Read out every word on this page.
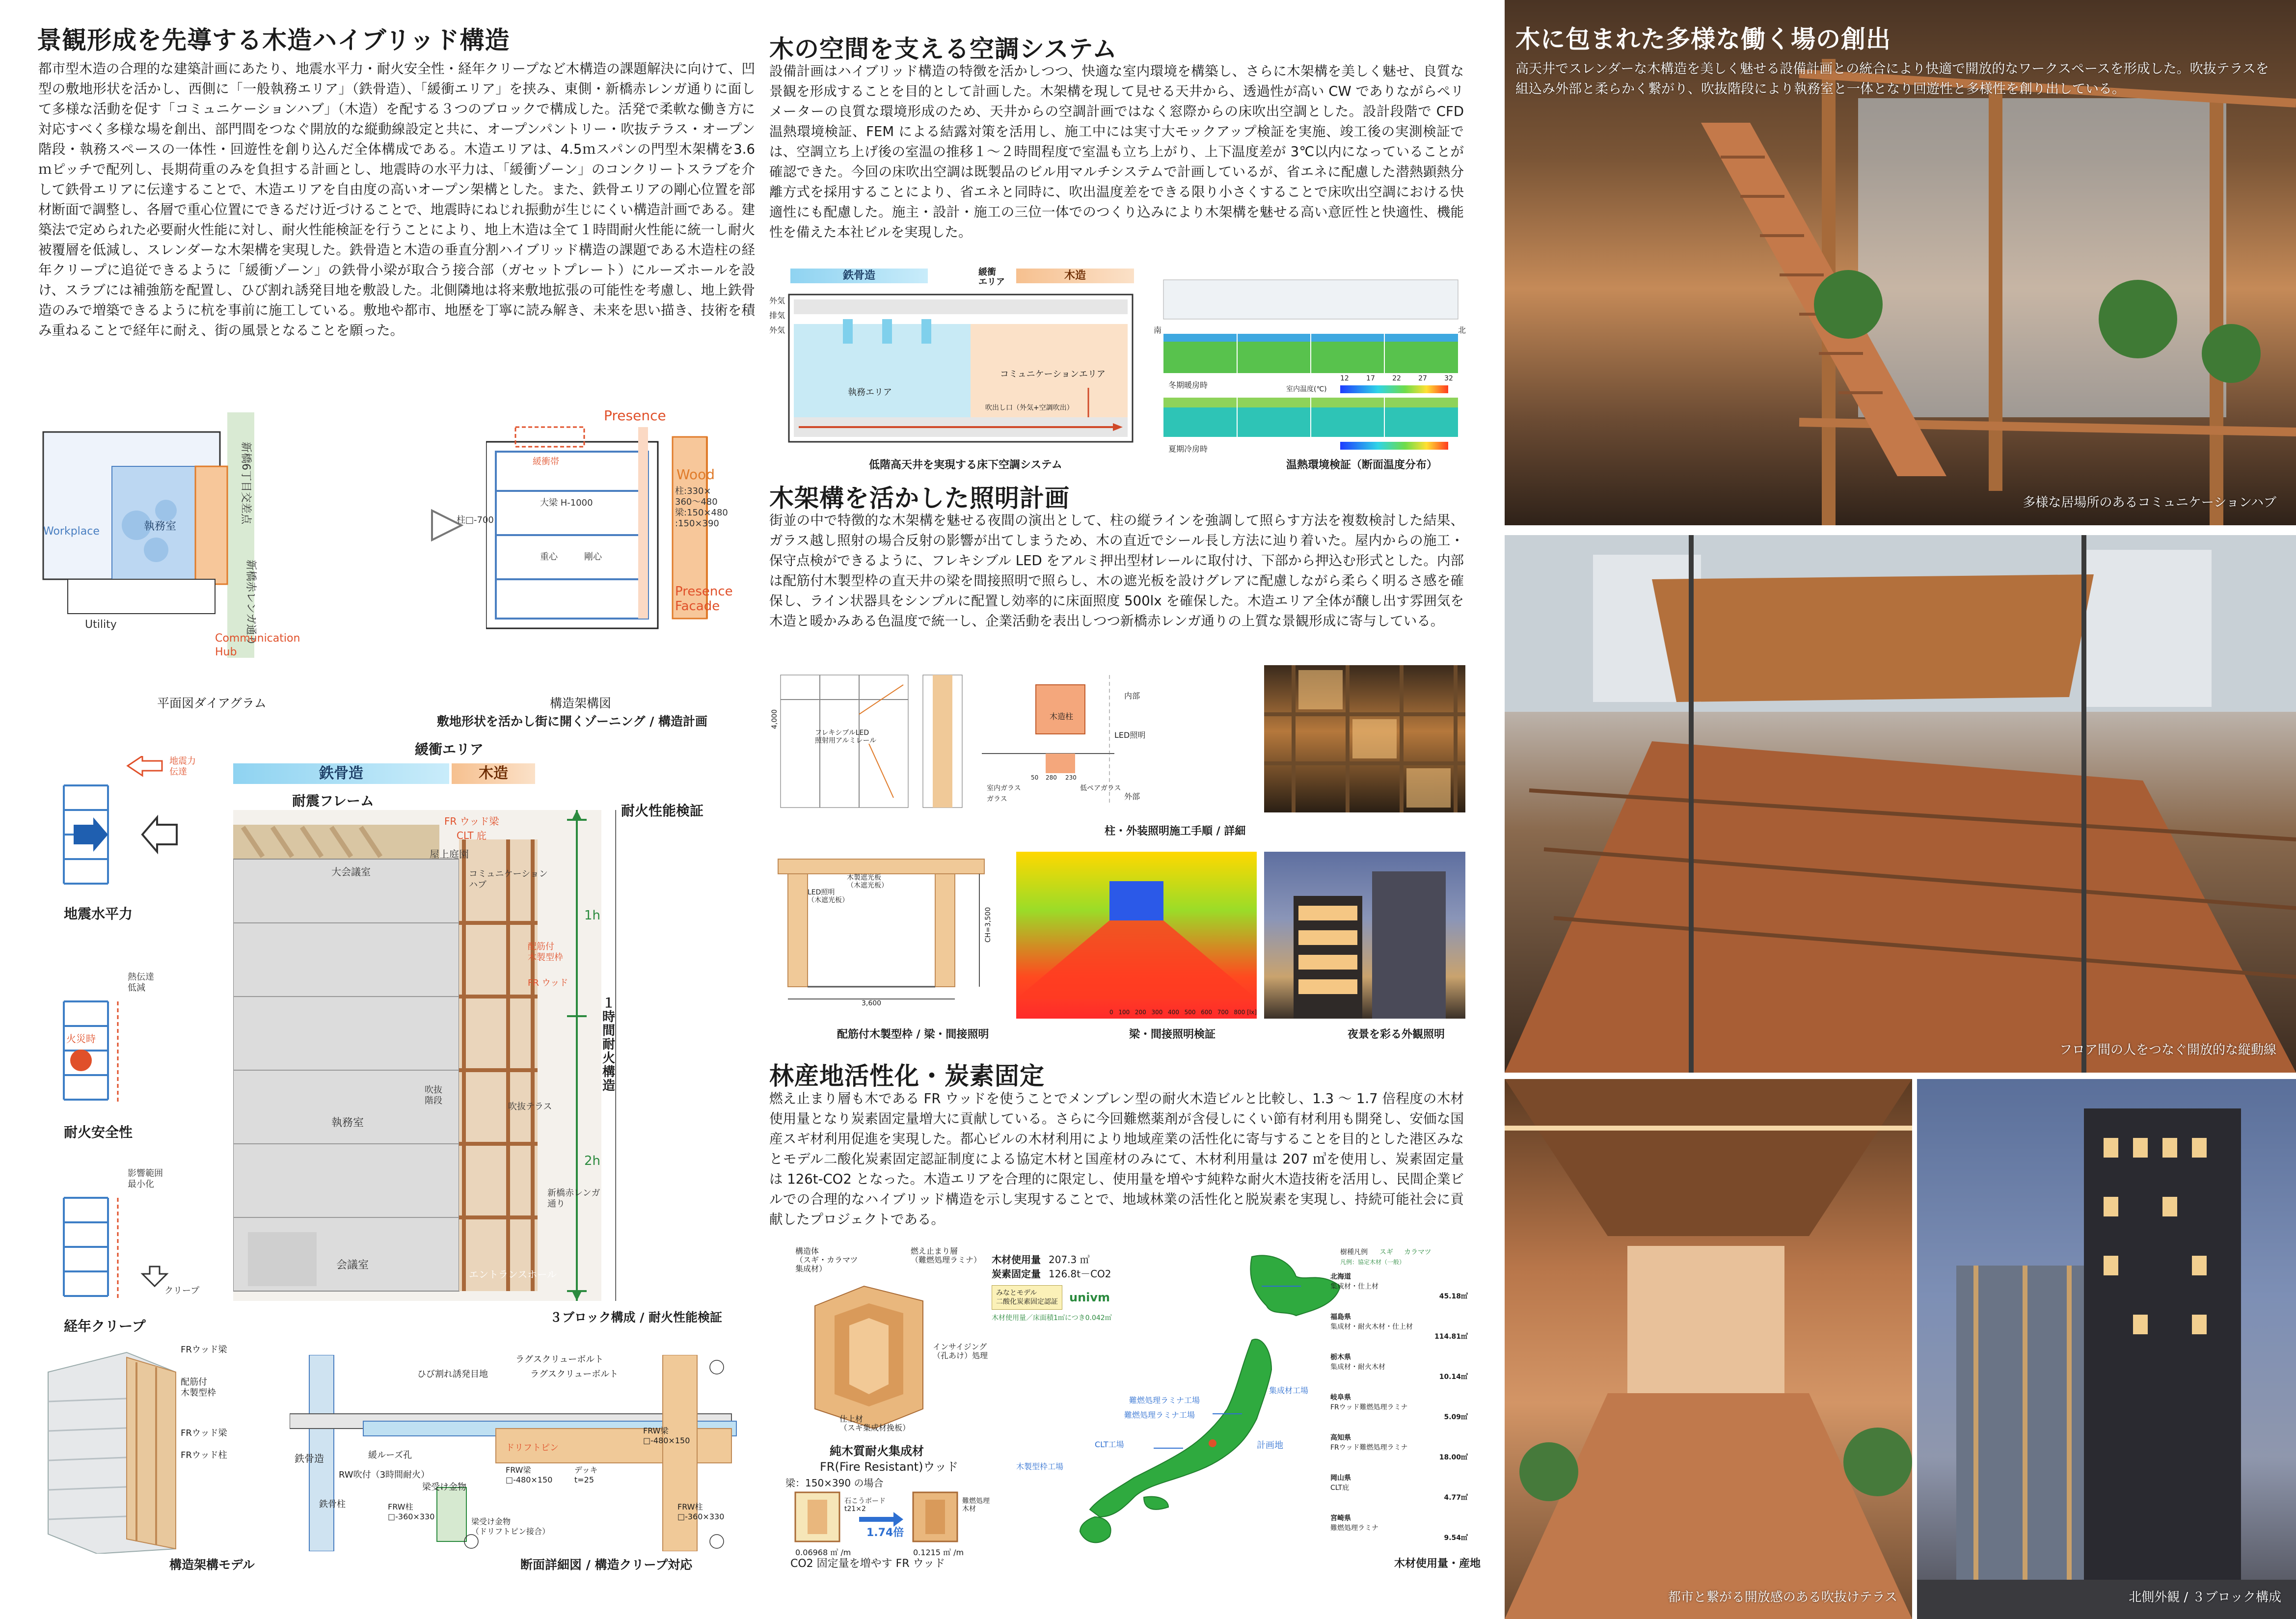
景観形成を先導する木造ハイブリッド構造
都市型木造の合理的な建築計画にあたり、地震水平力・耐火安全性・経年クリープなど木構造の課題解決に向けて、凹型の敷地形状を活かし、西側に「一般執務エリア」（鉄骨造）、「緩衝エリア」を挟み、東側・新橋赤レンガ通りに面して多様な活動を促す「コミュニケーションハブ」（木造）を配する３つのブロックで構成した。活発で柔軟な働き方に対応すべく多様な場を創出、部門間をつなぐ開放的な縦動線設定と共に、オープンパントリー・吹抜テラス・オープン階段・執務スペースの一体性・回遊性を創り込んだ全体構成である。木造エリアは、4.5ｍスパンの門型木架構を3.6ｍピッチで配列し、長期荷重のみを負担する計画とし、地震時の水平力は、「緩衝ゾーン」のコンクリートスラブを介して鉄骨エリアに伝達することで、木造エリアを自由度の高いオープン架構とした。また、鉄骨エリアの剛心位置を部材断面で調整し、各層で重心位置にできるだけ近づけることで、地震時にねじれ振動が生じにくい構造計画である。建築法で定められた必要耐火性能に対し、耐火性能検証を行うことにより、地上木造は全て１時間耐火性能に統一し耐火被覆層を低減し、スレンダーな木架構を実現した。鉄骨造と木造の垂直分割ハイブリッド構造の課題である木造柱の経年クリープに追従できるように「緩衝ゾーン」の鉄骨小梁が取合う接合部（ガセットプレート）にルーズホールを設け、スラブには補強筋を配置し、ひび割れ誘発目地を敷設した。北側隣地は将来敷地拡張の可能性を考慮し、地上鉄骨造のみで増築できるように杭を事前に施工している。敷地や都市、地歴を丁寧に読み解き、未来を思い描き、技術を積み重ねることで経年に耐え、街の風景となることを願った。
新橋6丁目交差点
Workplace	執務室
新橋赤レンガ通り
Utility
Communication
Hub
平面図ダイアグラム
Presence
緩衝帯
Wood
柱:330×
360～480
梁:150×480
:150×390
柱□-700
大梁 H-1000
重心	剛心
Presence
Facade
構造架構図
敷地形状を活かし街に開くゾーニング / 構造計画
地震力
伝達
地震水平力
熱伝達
低減
火災時
耐火安全性
影響範囲
最小化
クリープ
経年クリープ
鉄骨造	木造
緩衝エリア
耐震フレーム
耐火性能検証
FR ウッド梁
CLT 庇
屋上庭園
大会議室	コミュニケーション
ハブ
配筋付
木製型枠
FR ウッド
執務室
吹抜
階段
吹抜テラス
新橋赤レンガ
通り
会議室
エントランスホール
1h
2h
１時間耐火構造
３ブロック構成 / 耐火性能検証
FRウッド梁
配筋付
木製型枠
FRウッド梁
FRウッド柱
構造架構モデル
ひび割れ誘発目地
ラグスクリューボルト
ラグスクリューボルト
鉄骨造	緩ルーズ孔
ドリフトピン
RW吹付（3時間耐火）
梁受け金物
鉄骨柱
FRW梁
□-480×150
FRW梁
□-480×150
デッキ
t=25
FRW柱
□-360×330
FRW柱
□-360×330
梁受け金物
（ドリフトピン接合）
断面詳細図 / 構造クリープ対応
木の空間を支える空調システム
設備計画はハイブリッド構造の特徴を活かしつつ、快適な室内環境を構築し、さらに木架構を美しく魅せ、良質な景観を形成することを目的として計画した。木架構を現して見せる天井から、透過性が高い CW でありながらペリメーターの良質な環境形成のため、天井からの空調計画ではなく窓際からの床吹出空調とした。設計段階で CFD 温熱環境検証、FEM による結露対策を活用し、施工中には実寸大モックアップ検証を実施、竣工後の実測検証では、空調立ち上げ後の室温の推移１～２時間程度で室温も立ち上がり、上下温度差が 3℃以内になっていることが確認できた。今回の床吹出空調は既製品のビル用マルチシステムで計画しているが、省エネに配慮した潜熱顕熱分離方式を採用することにより、省エネと同時に、吹出温度差をできる限り小さくすることで床吹出空調における快適性にも配慮した。施主・設計・施工の三位一体でのつくり込みにより木架構を魅せる高い意匠性と快適性、機能性を備えた本社ビルを実現した。
鉄骨造	緩衝
エリア
木造
外気
排気
外気
執務エリア
コミュニケーションエリア
吹出し口（外気+空調吹出）
低階高天井を実現する床下空調システム
南	北
冬期暖房時
夏期冷房時
室内温度(℃)
12	17	22	27	32
温熱環境検証（断面温度分布）
木架構を活かした照明計画
街並の中で特徴的な木架構を魅せる夜間の演出として、柱の縦ラインを強調して照らす方法を複数検討した結果、ガラス越し照射の場合反射の影響が出てしまうため、木の直近でシール長し方法に辿り着いた。屋内からの施工・保守点検ができるように、フレキシブル LED をアルミ押出型材レールに取付け、下部から押込む形式とした。内部は配筋付木製型枠の直天井の梁を間接照明で照らし、木の遮光板を設けグレアに配慮しながら柔らく明るさ感を確保し、ライン状器具をシンプルに配置し効率的に床面照度 500lx を確保した。木造エリア全体が醸し出す雰囲気を木造と暖かみある色温度で統一し、企業活動を表出しつつ新橋赤レンガ通りの上質な景観形成に寄与している。
フレキシブルLED
照射用アルミレール
4,000	木造柱
内部
LED照明
外部
室内ガラス
ガラス
低ペアガラス
280 230
50
柱・外装照明施工手順 / 詳細
LED照明
（木遮光板）
木製遮光板
（木遮光板）
CH=3,500
3,600
配筋付木製型枠 / 梁・間接照明
0 100 200 300 400 500 600 700 800 [lx]
梁・間接照明検証	夜景を彩る外観照明
林産地活性化・炭素固定
燃え止まり層も木である FR ウッドを使うことでメンブレン型の耐火木造ビルと比較し、1.3 ～ 1.7 倍程度の木材使用量となり炭素固定量増大に貢献している。さらに今回難燃薬剤が含侵しにくい節有材利用も開発し、安価な国産スギ材利用促進を実現した。都心ビルの木材利用により地域産業の活性化に寄与することを目的とした港区みなとモデル二酸化炭素固定認証制度による協定木材と国産材のみにて、木材利用量は 207 ㎥を使用し、炭素固定量は 126t-CO2 となった。木造エリアを合理的に限定し、使用量を増やす純粋な耐火木造技術を活用し、民間企業ビルでの合理的なハイブリッド構造を示し実現することで、地域林業の活性化と脱炭素を実現し、持続可能社会に貢献したプロジェクトである。
構造体
（スギ・カラマツ
集成材）
燃え止まり層
（難燃処理ラミナ）
インサイジング
（孔あけ）処理
仕上材
（スギ集成材挽板）
純木質耐火集成材
FR(Fire Resistant)ウッド
木材使用量 207.3 ㎥
炭素固定量 126.8t－CO2
みなとモデル
二酸化炭素固定認証 univm
木材使用量／床面積1㎡につき0.042㎥
梁：150×390 の場合
石こうボード
t21×2
難燃処理
木材
1.74倍
0.06968 ㎥ /m	0.1215 ㎥ /m
CO2 固定量を増やす FR ウッド
集成材工場
難燃処理ラミナ工場
CLT工場
難燃処理ラミナ工場
計画地
木製型枠工場
樹種凡例 スギ カラマツ
凡例：協定木材（一般）
北海道
集成材・仕上材
45.18㎥
福島県
集成材・耐火木材・仕上材
114.81㎥
栃木県
集成材・耐火木材
10.14㎥
岐阜県
FRウッド難燃処理ラミナ
5.09㎥
高知県
FRウッド難燃処理ラミナ
18.00㎥
岡山県
CLT庇
4.77㎥
宮崎県
難燃処理ラミナ
9.54㎥
木材使用量・産地
木に包まれた多様な働く場の創出
高天井でスレンダーな木構造を美しく魅せる設備計画との統合により快適で開放的なワークスペースを形成した。吹抜テラスを組込み外部と柔らかく繋がり、吹抜階段により執務室と一体となり回遊性と多様性を創り出している。
多様な居場所のあるコミュニケーションハブ
フロア間の人をつなぐ開放的な縦動線
都市と繋がる開放感のある吹抜けテラス	北側外観 / ３ブロック構成
